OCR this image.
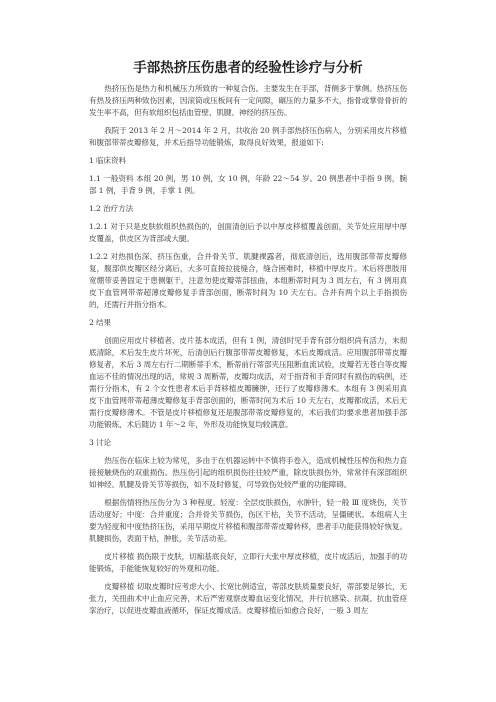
手部热挤压伤患者的经验性诊疗与分析

热挤压伤是热力和机械压力所致的一种复合伤。主要发生在手部，背侧多于掌侧。热挤压伤有热及挤压两种致伤因素，因滚筒或压板间有一定间隙，碾压的力量多不大，指骨或掌骨骨折的发生率不高，但有软组织包括血管壁、肌腱、神经的挤压伤。

我院于 2013 年 2 月～2014 年 2 月，共收治 20 例手部热挤压伤病人，分别采用皮片移植和腹部带蒂皮瓣修复，并术后指导功能锻炼，取得良好效果，报道如下:

1 临床资料

1.1 一般资料 本组 20 例，男 10 例，女 10 例，年龄 22～54 岁。20 例患者中手指 9 例，腕部 1 例，手背 9 例，手掌 1 例。

1.2 治疗方法

1.2.1 对于只是皮肤软组织热损伤的，创面清创后予以中厚皮移植覆盖创面，关节处应用厚中厚皮覆盖，供皮区为背部或大腿。

1.2.2 对热损伤深、挤压伤重，合并骨关节、肌腱裸露者，彻底清创后，选用腹部带蒂皮瓣修复，腹部供皮瓣区经分离后，大多可直接拉拢缝合，缝合困难时，移植中厚皮片。术后将患肢用宽绷带妥善固定于患侧躯干，注意勿使皮瓣蒂部扭曲，本组断蒂时间为 3 周左右，有 3 例用真皮下血管网带蒂超薄皮瓣修复手背部创面，断蒂时间为 10 天左右。合并有两个以上手指损伤的，还需行并指分指术。

2 结果

创面应用皮片移植者，皮片基本成活，但有 1 例，清创时见手背有部分组织尚有活力，未彻底清除，术后发生皮片坏死，后清创后行腹部带蒂皮瓣修复，术后皮瓣成活。应用腹部带蒂皮瓣修复者，术后 3 周左右行二期断蒂手术，断蒂前行蒂部夹压阻断血流试验，皮瓣若无苍白等皮瓣血运不佳的情况出现的话，常规 3 周断蒂，皮瓣均成活，对于指背和手背同时有损伤的病例，还需行分指术，有 2 个女性患者术后手背移植皮瓣臃肿，还行了皮瓣修薄术。本组有 3 例采用真皮下血管网带蒂超薄皮瓣修复手背部创面的，断蒂时间为术后 10 天左右，皮瓣都成活，术后无需行皮瓣修薄术。不管是皮片移植修复还是腹部带蒂皮瓣修复的，术后我们均要求患者加强手部功能锻炼，术后随访 1 年～2 年，外形及功能恢复均较满意。

3 讨论

热压伤在临床上较为常见，多由于在机器运转中不慎将手卷入，造成机械性压榨伤和热力直接接触烧伤的双重损伤。热压伤引起的组织损伤往往较严重，除皮肤损伤外，常常伴有深部组织如神经、肌腱及骨关节等损伤，如不及时修复，可导致伤处较严重的功能障碍。

根据伤情将热压伤分为 3 种程度。轻度：全层皮肤损伤，水肿针，轻一般 Ⅲ 度烧伤，关节活动度好；中度：合并重度；合并骨关节损伤，伤区干枯，关节不活动，呈僵硬状。本组病人主要为轻度和中度热挤压伤，采用早期皮片移植和腹部带蒂皮瓣转移，患者手功能获得较好恢复。肌腱损伤，表面干枯，肿胀，关节活动差。

皮片移植 损伤限于皮肤，切痂基底良好，立即行大张中厚皮移植，皮片成活后，加强手的功能锻炼，手能能恢复较好的外观和功能。

皮瓣移植 切取皮瓣时应考虑大小、长宽比例适宜，蒂部皮肤质量要良好，蒂部要足够长，无张力，关扭曲术中止血应完善，术后严密观察皮瓣血运变化情况，并行抗感染、抗凝、抗血管痉挛治疗，以促进皮瓣血液循环，保证皮瓣成活。皮瓣移植后如愈合良好，一般 3 周左
